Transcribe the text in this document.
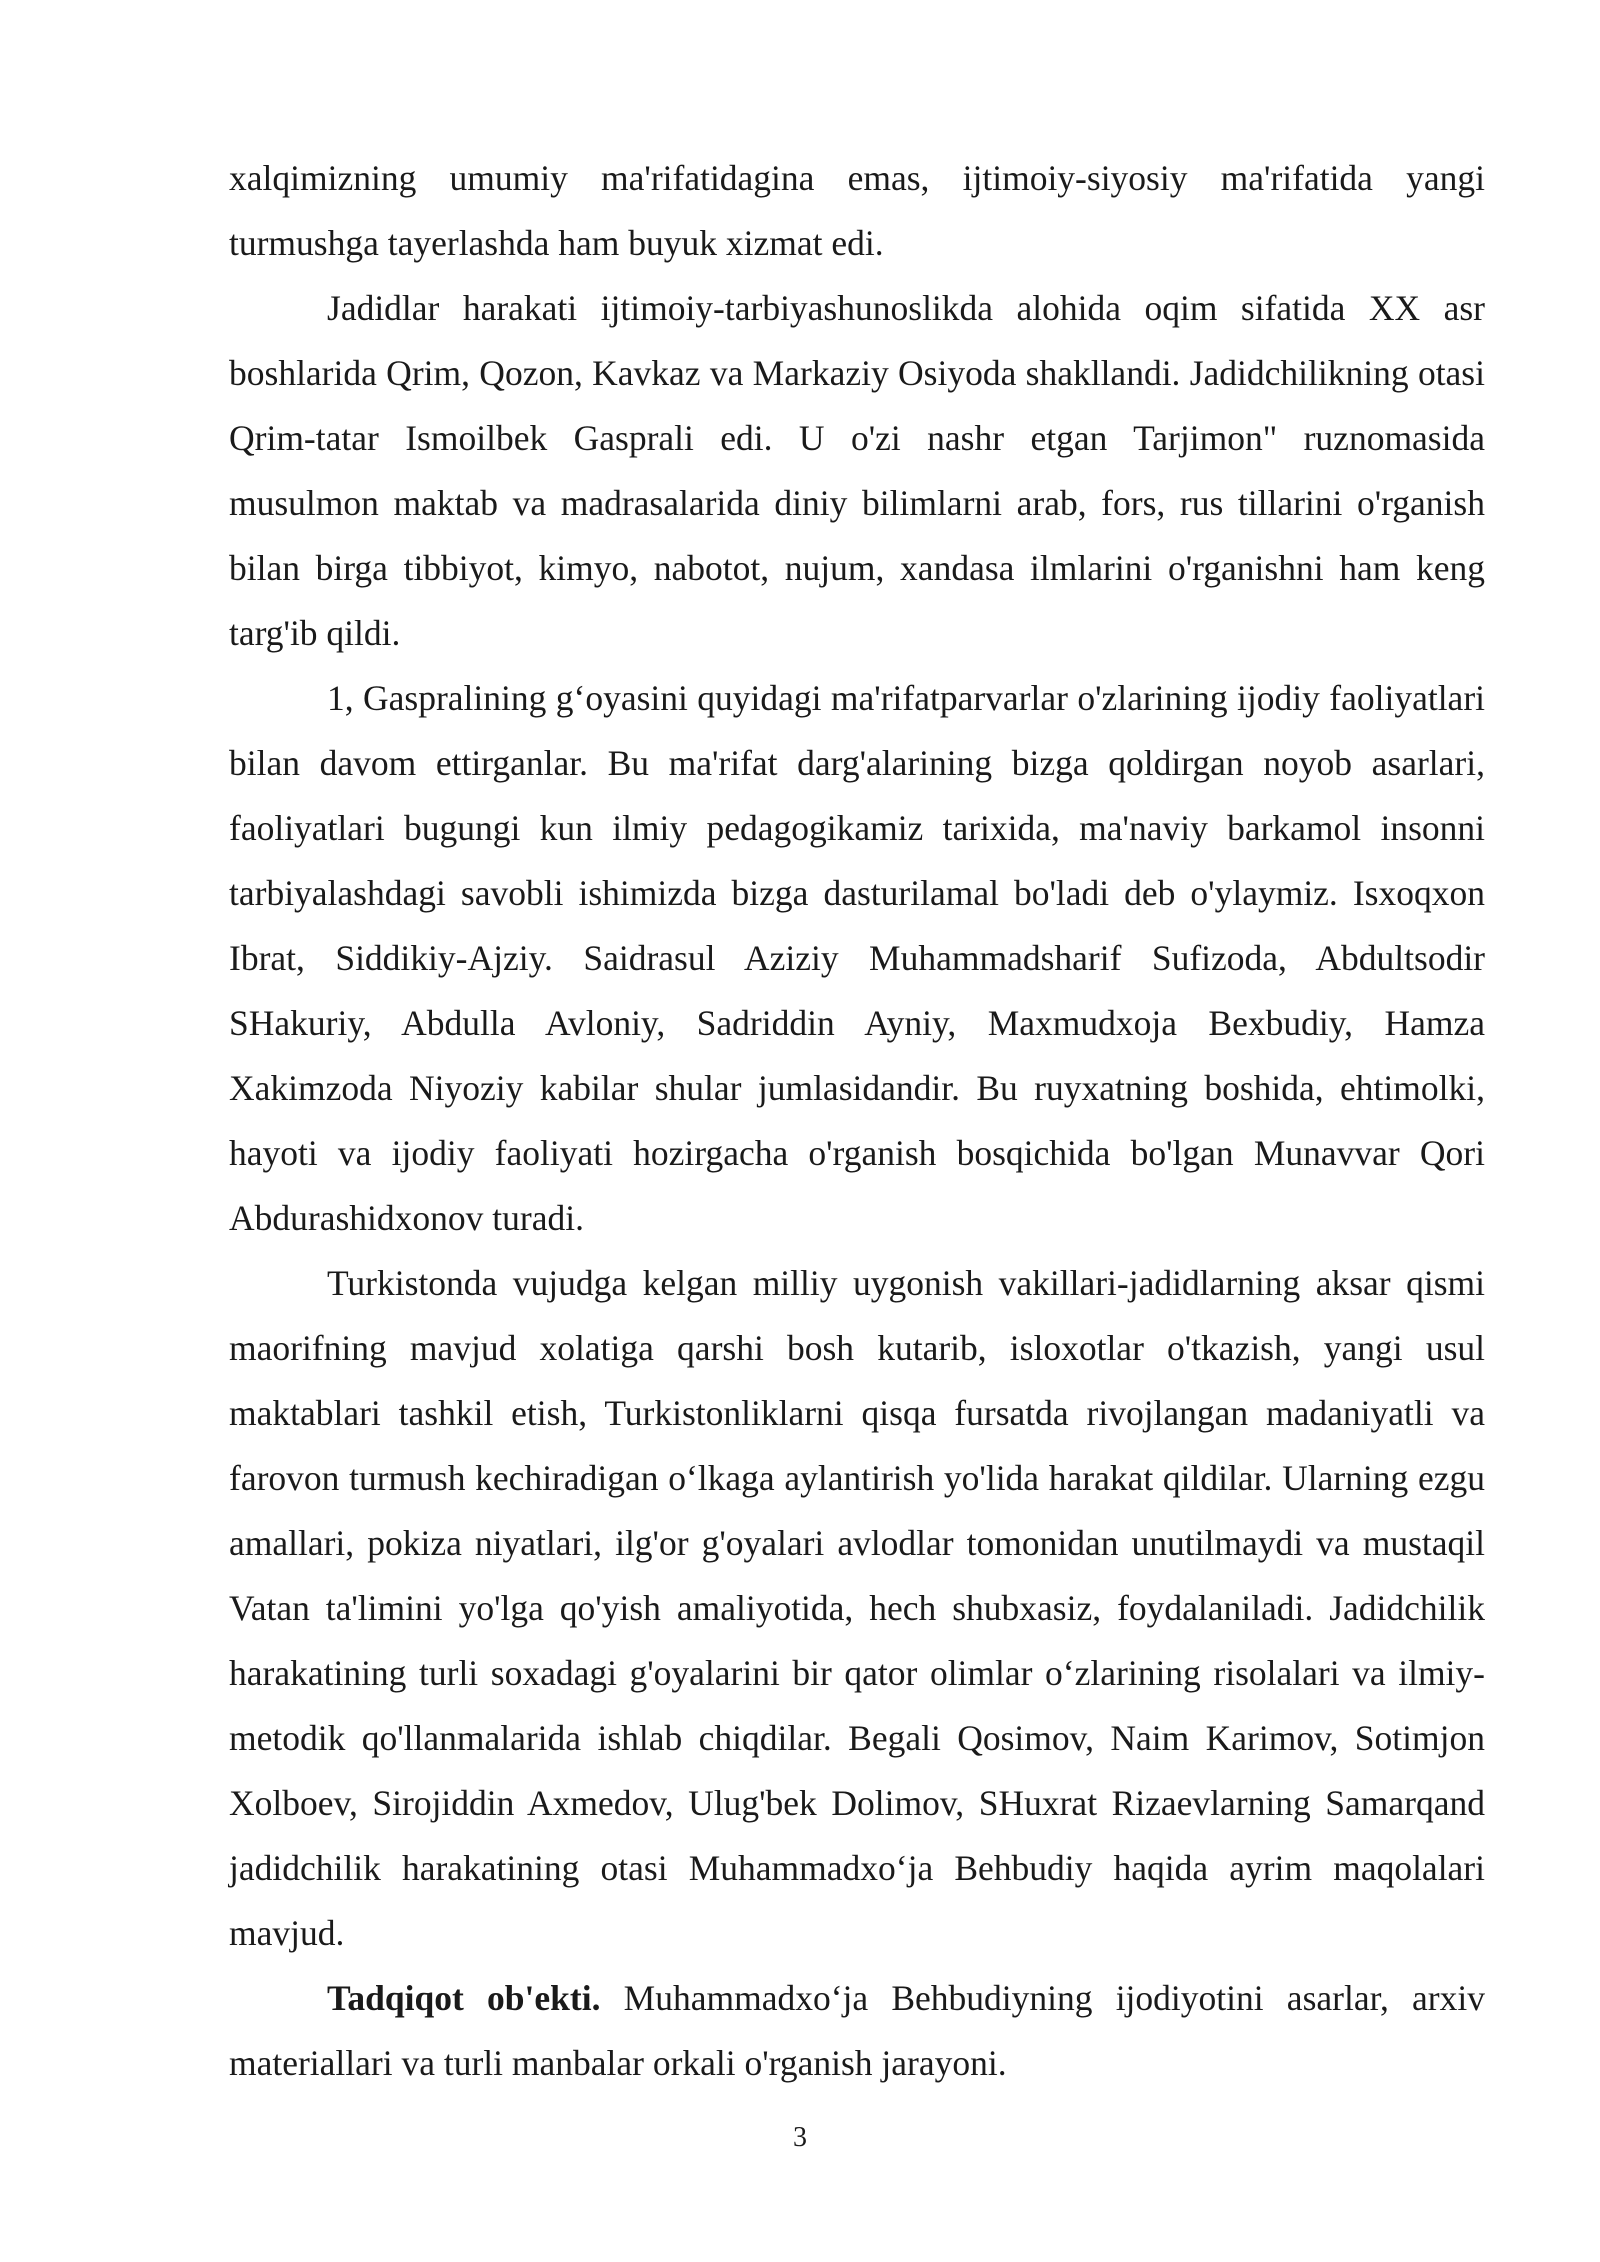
xalqimizning umumiy ma'rifatidagina emas, ijtimoiy-siyosiy ma'rifatida yangi turmushga tayerlashda ham buyuk xizmat edi.

Jadidlar harakati ijtimoiy-tarbiyashunoslikda alohida oqim sifatida XX asr boshlarida Qrim, Qozon, Kavkaz va Markaziy Osiyoda shakllandi. Jadidchilikning otasi Qrim-tatar Ismoilbek Gasprali edi. U o'zi nashr etgan Tarjimon" ruznomasida musulmon maktab va madrasalarida diniy bilimlarni arab, fors, rus tillarini o'rganish bilan birga tibbiyot, kimyo, nabotot, nujum, xandasa ilmlarini o'rganishni ham keng targ'ib qildi.

1, Gaspralining g‘oyasini quyidagi ma'rifatparvarlar o'zlarining ijodiy faoliyatlari bilan davom ettirganlar. Bu ma'rifat darg'alarining bizga qoldirgan noyob asarlari, faoliyatlari bugungi kun ilmiy pedagogikamiz tarixida, ma'naviy barkamol insonni tarbiyalashdagi savobli ishimizda bizga dasturilamal bo'ladi deb o'ylaymiz. Isxoqxon Ibrat, Siddikiy-Ajziy. Saidrasul Aziziy Muhammadsharif Sufizoda, Abdultsodir SHakuriy, Abdulla Avloniy, Sadriddin Ayniy, Maxmudxoja Bexbudiy, Hamza Xakimzoda Niyoziy kabilar shular jumlasidandir. Bu ruyxatning boshida, ehtimolki, hayoti va ijodiy faoliyati hozirgacha o'rganish bosqichida bo'lgan Munavvar Qori Abdurashidxonov turadi.

Turkistonda vujudga kelgan milliy uygonish vakillari-jadidlarning aksar qismi maorifning mavjud xolatiga qarshi bosh kutarib, isloxotlar o'tkazish, yangi usul maktablari tashkil etish, Turkistonliklarni qisqa fursatda rivojlangan madaniyatli va farovon turmush kechiradigan o‘lkaga aylantirish yo'lida harakat qildilar. Ularning ezgu amallari, pokiza niyatlari, ilg'or g'oyalari avlodlar tomonidan unutilmaydi va mustaqil Vatan ta'limini yo'lga qo'yish amaliyotida, hech shubxasiz, foydalaniladi. Jadidchilik harakatining turli soxadagi g'oyalarini bir qator olimlar o‘zlarining risolalari va ilmiy-metodik qo'llanmalarida ishlab chiqdilar. Begali Qosimov, Naim Karimov, Sotimjon Xolboev, Sirojiddin Axmedov, Ulug'bek Dolimov, SHuxrat Rizaevlarning Samarqand jadidchilik harakatining otasi Muhammadxo‘ja Behbudiy haqida ayrim maqolalari mavjud.

Tadqiqot ob'ekti. Muhammadxo‘ja Behbudiyning ijodiyotini asarlar, arxiv materiallari va turli manbalar orkali o'rganish jarayoni.

3
